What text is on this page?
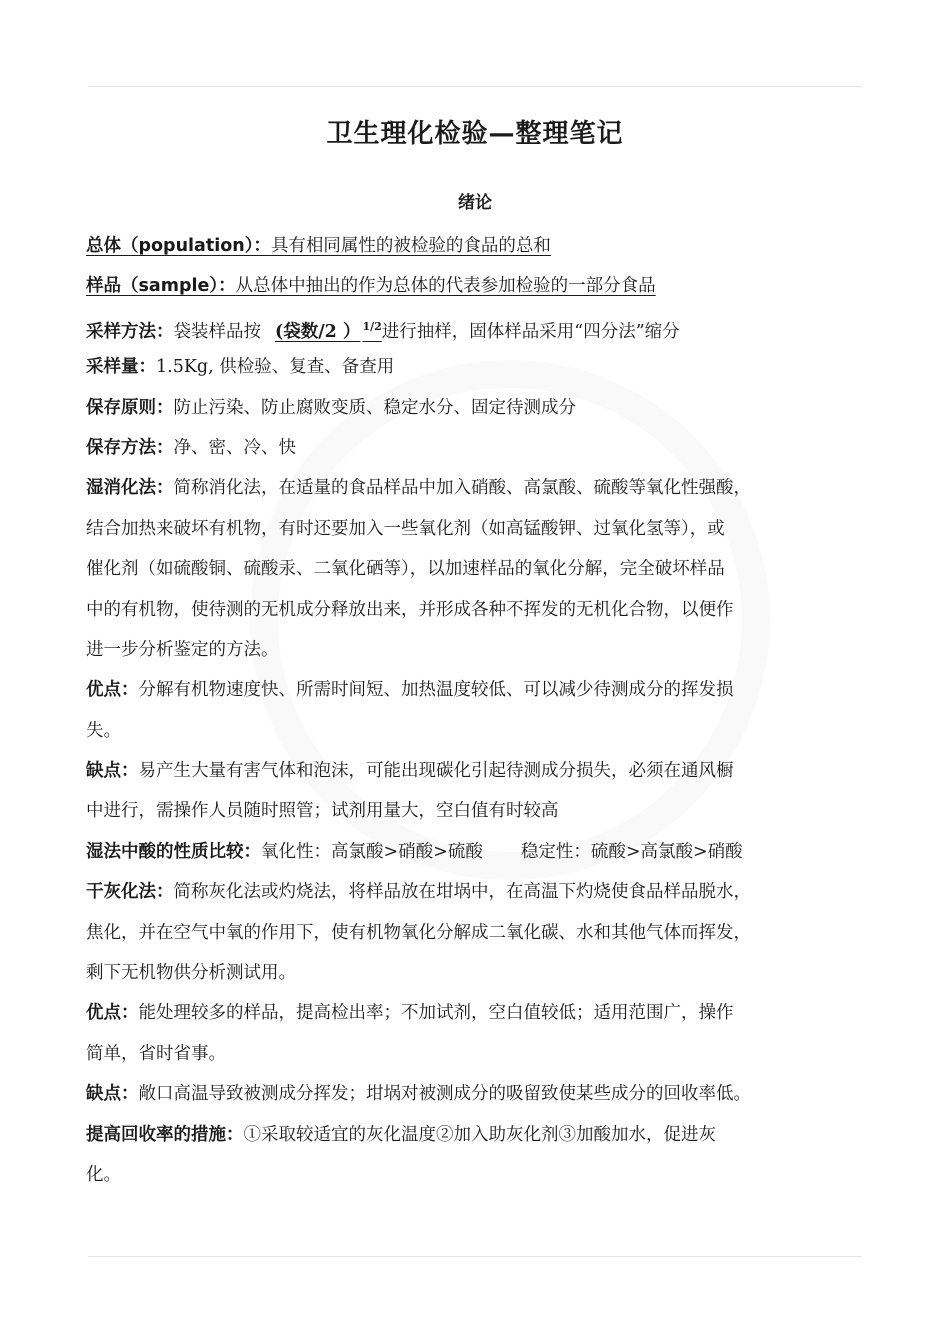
卫生理化检验—整理笔记
绪论
总体（population）：具有相同属性的被检验的食品的总和
样品（sample）：从总体中抽出的作为总体的代表参加检验的一部分食品
采样方法：袋装样品按 (袋数/2 ） $^{1/2}$进行抽样，固体样品采用“四分法”缩分
采样量：1.5Kg, 供检验、复查、备查用
保存原则：防止污染、防止腐败变质、稳定水分、固定待测成分
保存方法：净、密、冷、快
湿消化法：简称消化法，在适量的食品样品中加入硝酸、高氯酸、硫酸等氧化性强酸，
结合加热来破坏有机物，有时还要加入一些氧化剂（如高锰酸钾、过氧化氢等），或
催化剂（如硫酸铜、硫酸汞、二氧化硒等），以加速样品的氧化分解，完全破坏样品
中的有机物，使待测的无机成分释放出来，并形成各种不挥发的无机化合物，以便作
进一步分析鉴定的方法。
优点：分解有机物速度快、所需时间短、加热温度较低、可以减少待测成分的挥发损
失。
缺点：易产生大量有害气体和泡沫，可能出现碳化引起待测成分损失，必须在通风橱
中进行，需操作人员随时照管；试剂用量大，空白值有时较高
湿法中酸的性质比较：氧化性：高氯酸>硝酸>硫酸 稳定性：硫酸>高氯酸>硝酸
干灰化法：简称灰化法或灼烧法，将样品放在坩埚中，在高温下灼烧使食品样品脱水，
焦化，并在空气中氧的作用下，使有机物氧化分解成二氧化碳、水和其他气体而挥发，
剩下无机物供分析测试用。
优点：能处理较多的样品，提高检出率；不加试剂，空白值较低；适用范围广，操作
简单，省时省事。
缺点：敞口高温导致被测成分挥发；坩埚对被测成分的吸留致使某些成分的回收率低。
提高回收率的措施：①采取较适宜的灰化温度②加入助灰化剂③加酸加水，促进灰
化。
